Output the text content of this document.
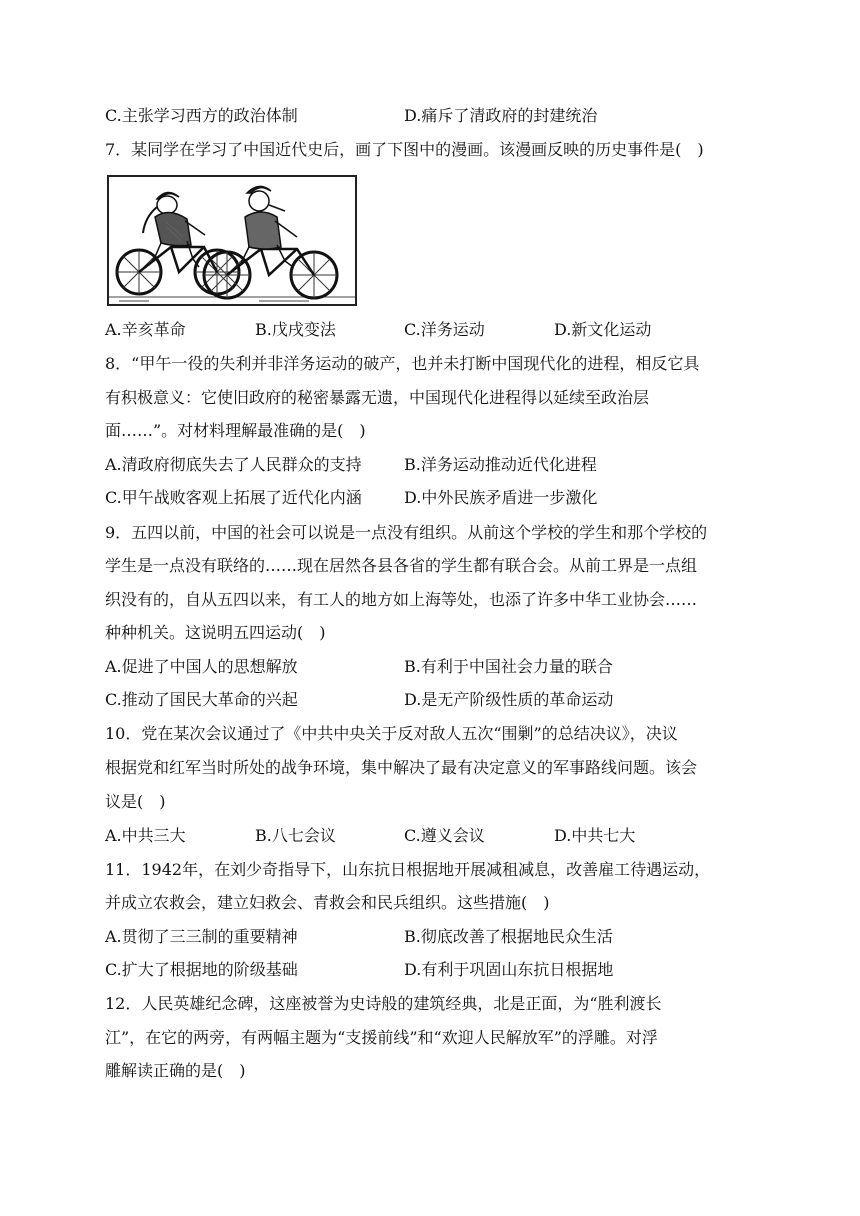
C.主张学习西方的政治体制	D.痛斥了清政府的封建统治
7．某同学在学习了中国近代史后，画了下图中的漫画。该漫画反映的历史事件是(　)
A.辛亥革命	B.戊戌变法	C.洋务运动	D.新文化运动
8．“甲午一役的失利并非洋务运动的破产，也并未打断中国现代化的进程，相反它具
有积极意义：它使旧政府的秘密暴露无遗，中国现代化进程得以延续至政治层
面……”。对材料理解最准确的是(　)
A.清政府彻底失去了人民群众的支持	B.洋务运动推动近代化进程
C.甲午战败客观上拓展了近代化内涵	D.中外民族矛盾进一步激化
9．五四以前，中国的社会可以说是一点没有组织。从前这个学校的学生和那个学校的
学生是一点没有联络的……现在居然各县各省的学生都有联合会。从前工界是一点组
织没有的，自从五四以来，有工人的地方如上海等处，也添了许多中华工业协会……
种种机关。这说明五四运动(　)
A.促进了中国人的思想解放	B.有利于中国社会力量的联合
C.推动了国民大革命的兴起	D.是无产阶级性质的革命运动
10．党在某次会议通过了《中共中央关于反对敌人五次“围剿”的总结决议》，决议
根据党和红军当时所处的战争环境，集中解决了最有决定意义的军事路线问题。该会
议是(　)
A.中共三大	B.八七会议	C.遵义会议	D.中共七大
11．1942年，在刘少奇指导下，山东抗日根据地开展减租减息，改善雇工待遇运动，
并成立农救会，建立妇救会、青救会和民兵组织。这些措施(　)
A.贯彻了三三制的重要精神	B.彻底改善了根据地民众生活
C.扩大了根据地的阶级基础	D.有利于巩固山东抗日根据地
12．人民英雄纪念碑，这座被誉为史诗般的建筑经典，北是正面，为“胜利渡长
江”，在它的两旁，有两幅主题为“支援前线”和“欢迎人民解放军”的浮雕。对浮
雕解读正确的是(　)
